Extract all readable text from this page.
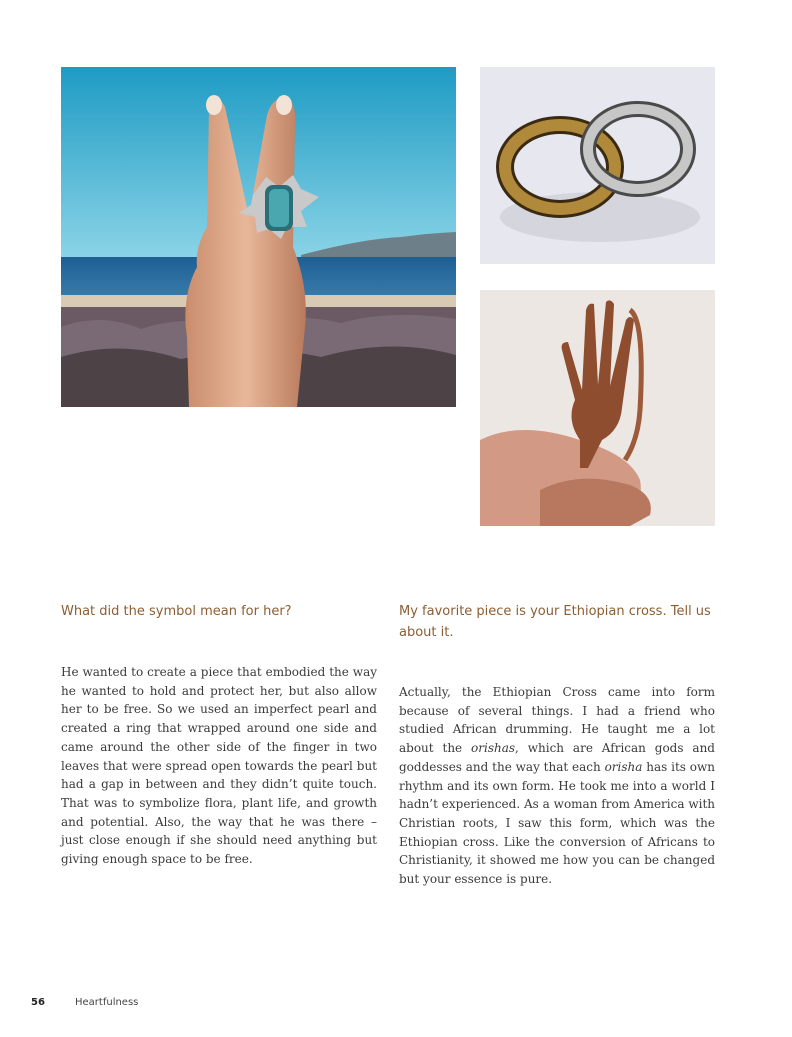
What did the symbol mean for her?	My favorite piece is your Ethiopian cross. Tell us about it.

He wanted to create a piece that embodied the way he wanted to hold and protect her, but also allow her to be free. So we used an imperfect pearl and created a ring that wrapped around one side and came around the other side of the finger in two leaves that were spread open towards the pearl but had a gap in between and they didn’t quite touch. That was to symbolize flora, plant life, and growth and potential. Also, the way that he was there – just close enough if she should need anything but giving enough space to be free.

Actually, the Ethiopian Cross came into form because of several things. I had a friend who studied African drumming. He taught me a lot about the orishas, which are African gods and goddesses and the way that each orisha has its own rhythm and its own form. He took me into a world I hadn’t experienced. As a woman from America with Christian roots, I saw this form, which was the Ethiopian cross. Like the conversion of Africans to Christianity, it showed me how you can be changed but your essence is pure.

56	Heartfulness
